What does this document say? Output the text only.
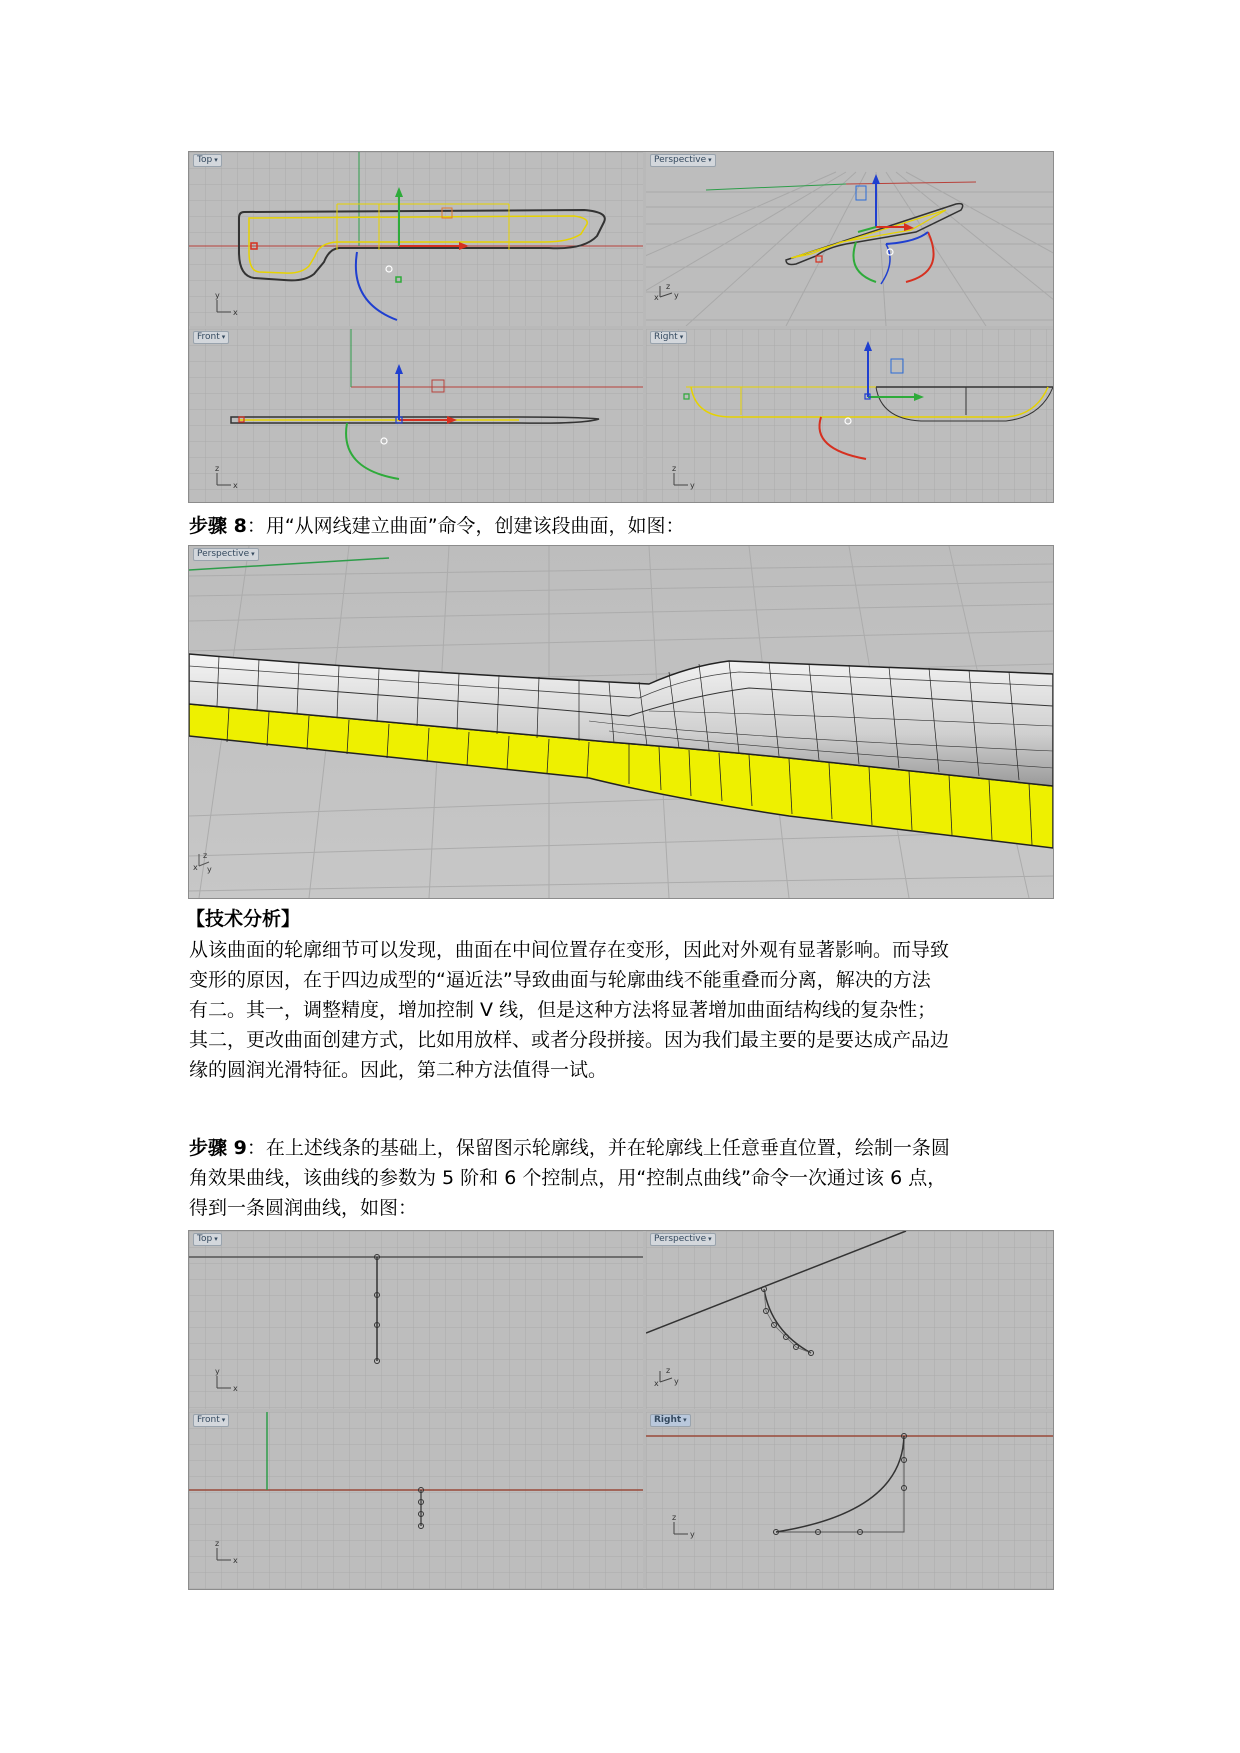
y
x
Top ▾
z
x y
Perspective ▾
z
x
Front ▾
z
y
Right ▾
步骤 8：用“从网线建立曲面”命令，创建该段曲面，如图：
z
x y
Perspective ▾
【技术分析】
从该曲面的轮廓细节可以发现，曲面在中间位置存在变形，因此对外观有显著影响。而导致
变形的原因，在于四边成型的“逼近法”导致曲面与轮廓曲线不能重叠而分离，解决的方法
有二。其一，调整精度，增加控制 V 线，但是这种方法将显著增加曲面结构线的复杂性；
其二，更改曲面创建方式，比如用放样、或者分段拼接。因为我们最主要的是要达成产品边
缘的圆润光滑特征。因此，第二种方法值得一试。
步骤 9：在上述线条的基础上，保留图示轮廓线，并在轮廓线上任意垂直位置，绘制一条圆
角效果曲线，该曲线的参数为 5 阶和 6 个控制点，用“控制点曲线”命令一次通过该 6 点，
得到一条圆润曲线，如图：
y
x
Top ▾
z
x y
Perspective ▾
z
x
Front ▾
z
y
Right ▾
